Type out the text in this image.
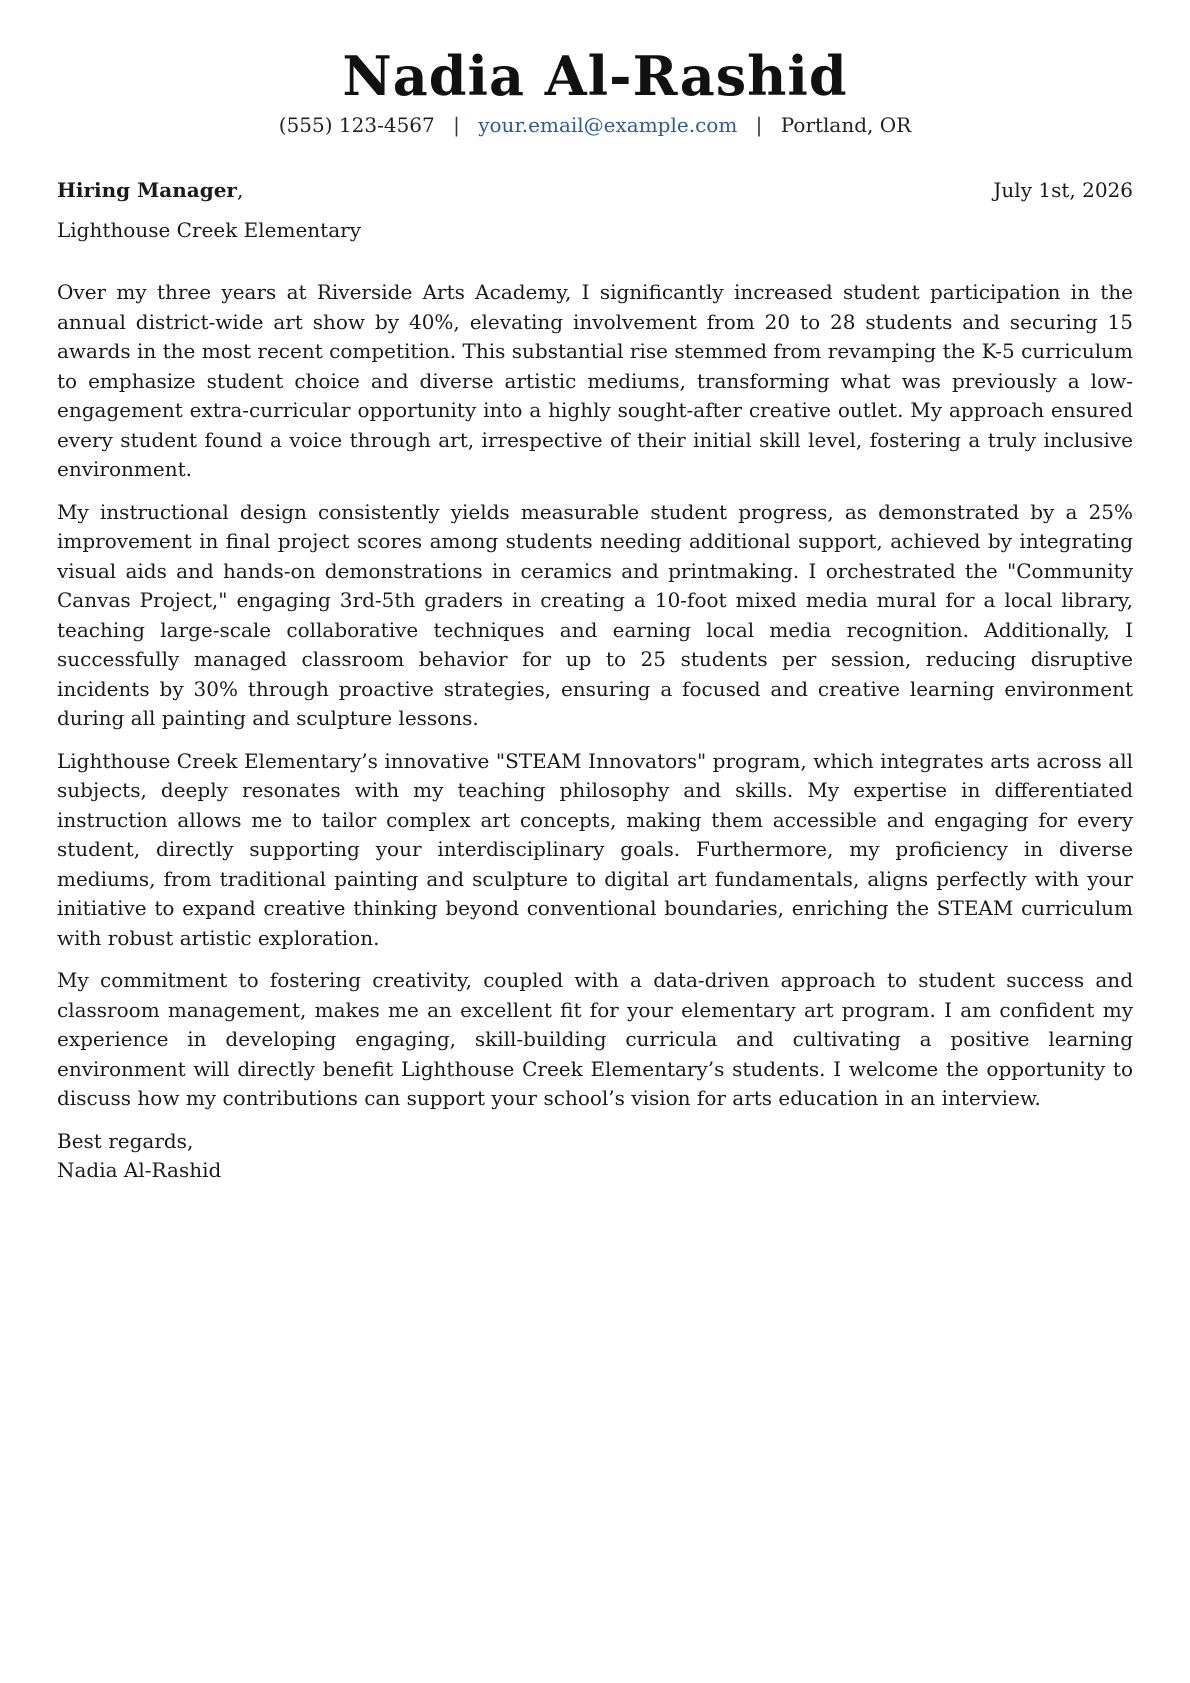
Nadia Al-Rashid
(555) 123-4567 | your.email@example.com | Portland, OR
Hiring Manager,	July 1st, 2026
Lighthouse Creek Elementary

Over my three years at Riverside Arts Academy, I significantly increased student participation in the annual district-wide art show by 40%, elevating involvement from 20 to 28 students and securing 15 awards in the most recent competition. This substantial rise stemmed from revamping the K-5 curriculum to emphasize student choice and diverse artistic mediums, transforming what was previously a low-engagement extra-curricular opportunity into a highly sought-after creative outlet. My approach ensured every student found a voice through art, irrespective of their initial skill level, fostering a truly inclusive environment.

My instructional design consistently yields measurable student progress, as demonstrated by a 25% improvement in final project scores among students needing additional support, achieved by integrating visual aids and hands-on demonstrations in ceramics and printmaking. I orchestrated the "Community Canvas Project," engaging 3rd-5th graders in creating a 10-foot mixed media mural for a local library, teaching large-scale collaborative techniques and earning local media recognition. Additionally, I successfully managed classroom behavior for up to 25 students per session, reducing disruptive incidents by 30% through proactive strategies, ensuring a focused and creative learning environment during all painting and sculpture lessons.

Lighthouse Creek Elementary’s innovative "STEAM Innovators" program, which integrates arts across all subjects, deeply resonates with my teaching philosophy and skills. My expertise in differentiated instruction allows me to tailor complex art concepts, making them accessible and engaging for every student, directly supporting your interdisciplinary goals. Furthermore, my proficiency in diverse mediums, from traditional painting and sculpture to digital art fundamentals, aligns perfectly with your initiative to expand creative thinking beyond conventional boundaries, enriching the STEAM curriculum with robust artistic exploration.

My commitment to fostering creativity, coupled with a data-driven approach to student success and classroom management, makes me an excellent fit for your elementary art program. I am confident my experience in developing engaging, skill-building curricula and cultivating a positive learning environment will directly benefit Lighthouse Creek Elementary’s students. I welcome the opportunity to discuss how my contributions can support your school’s vision for arts education in an interview.

Best regards,
Nadia Al-Rashid
